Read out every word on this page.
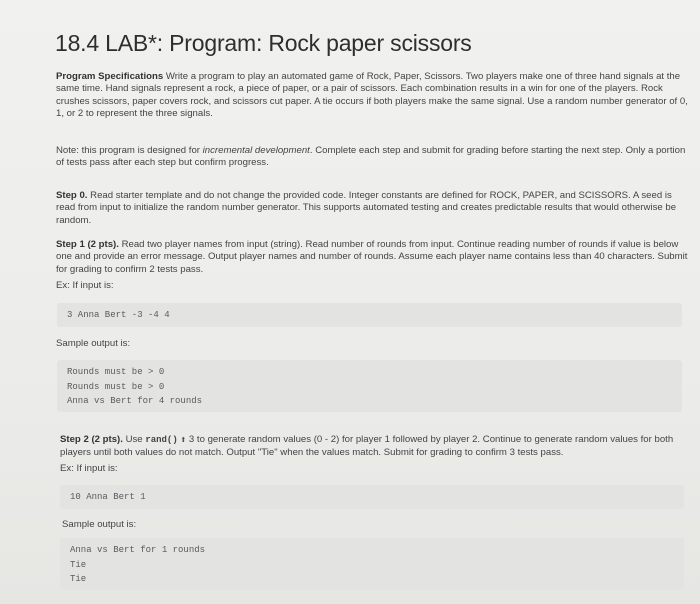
18.4 LAB*: Program: Rock paper scissors
Program Specifications Write a program to play an automated game of Rock, Paper, Scissors. Two players make one of three hand signals at the same time. Hand signals represent a rock, a piece of paper, or a pair of scissors. Each combination results in a win for one of the players. Rock crushes scissors, paper covers rock, and scissors cut paper. A tie occurs if both players make the same signal. Use a random number generator of 0, 1, or 2 to represent the three signals.
Note: this program is designed for incremental development. Complete each step and submit for grading before starting the next step. Only a portion of tests pass after each step but confirm progress.
Step 0. Read starter template and do not change the provided code. Integer constants are defined for ROCK, PAPER, and SCISSORS. A seed is read from input to initialize the random number generator. This supports automated testing and creates predictable results that would otherwise be random.
Step 1 (2 pts). Read two player names from input (string). Read number of rounds from input. Continue reading number of rounds if value is below one and provide an error message. Output player names and number of rounds. Assume each player name contains less than 40 characters. Submit for grading to confirm 2 tests pass.
Ex: If input is:
3 Anna Bert -3 -4 4
Sample output is:
Rounds must be > 0
Rounds must be > 0
Anna vs Bert for 4 rounds
Step 2 (2 pts). Use rand() ⬆ 3 to generate random values (0 - 2) for player 1 followed by player 2. Continue to generate random values for both players until both values do not match. Output "Tie" when the values match. Submit for grading to confirm 3 tests pass.
Ex: If input is:
10 Anna Bert 1
Sample output is:
Anna vs Bert for 1 rounds
Tie
Tie
